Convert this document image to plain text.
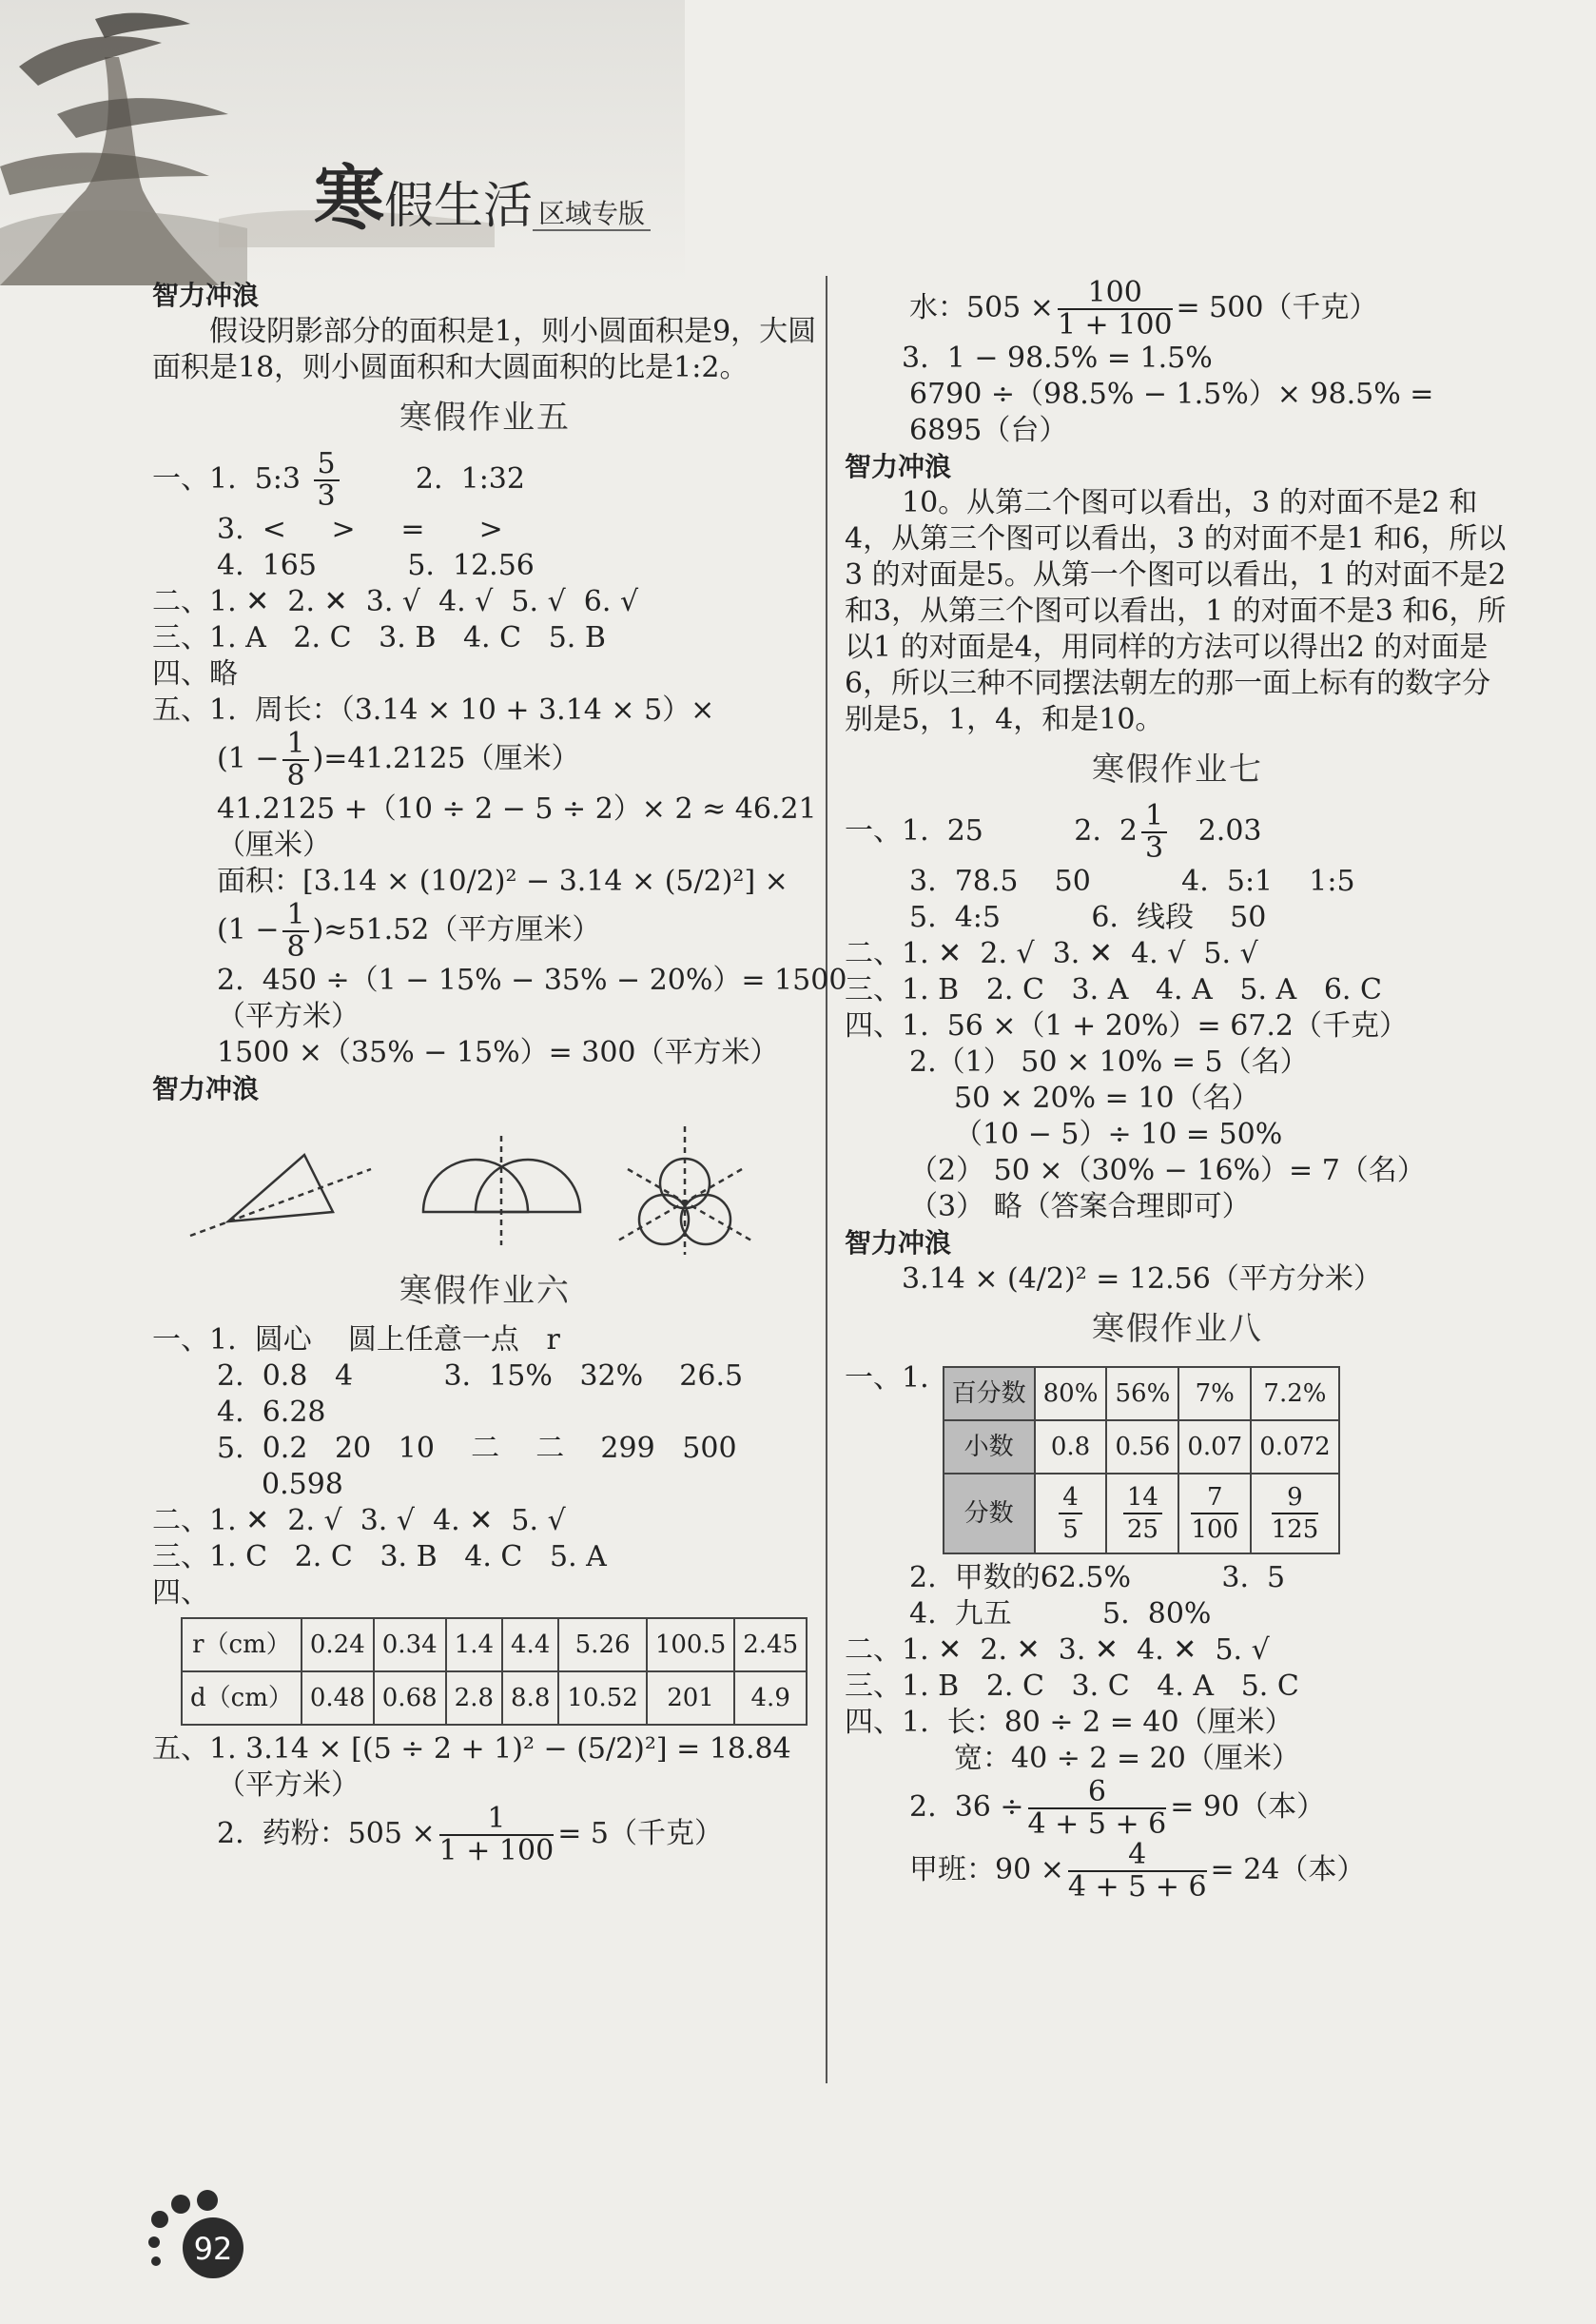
寒假生活 区域专版
智力冲浪
假设阴影部分的面积是1，则小圆面积是9，大圆面积是18，则小圆面积和大圆面积的比是1:2。
寒假作业五
一、1.  5:3 $\frac{5}{3} 2$.  1:32
3.  <     >     =      >
4.  165          5.  12.56
二、1. ✕  2. ✕  3. √  4. √  5. √  6. √
三、1. A   2. C   3. B   4. C   5. B
四、略
五、1.  周长：（3.14 × 10 + 3.14 × 5）×
$(1 - \frac{1}{8} )=41.2125$（厘米）
41.2125 +（10 ÷ 2 − 5 ÷ 2）× 2 ≈ 46.21
（厘米）
面积：[3.14 × (10/2)² − 3.14 × (5/2)²] ×
$(1 - \frac{1}{8} )\approx 51.52$（平方厘米）
2.  450 ÷（1 − 15% − 35% − 20%）= 1500
（平方米）
1500 ×（35% − 15%）= 300（平方米）
智力冲浪
寒假作业六
一、1.  圆心    圆上任意一点   r
2.  0.8   4          3.  15%   32%    26.5
4.  6.28
5.  0.2   20   10    二    二    299   500
0.598
二、1. ✕  2. √  3. √  4. ✕  5. √
三、1. C   2. C   3. B   4. C   5. A
四、
r（cm）	0.24	0.34	1.4	4.4	5.26	100.5	2.45
d（cm）	0.48	0.68	2.8	8.8	10.52	201	4.9
五、1. 3.14 × [(5 ÷ 2 + 1)² − (5/2)²] = 18.84
（平方米）
2.  药粉：$505 \times \frac{1}{1 + 100} = 5$（千克）
水：$505 \times \frac{100}{1 + 100} = 500$（千克）
3.  1 − 98.5% = 1.5%
6790 ÷（98.5% − 1.5%）× 98.5% =
6895（台）
智力冲浪
10。从第二个图可以看出，3 的对面不是2 和4，从第三个图可以看出，3 的对面不是1 和6，所以3 的对面是5。从第一个图可以看出，1 的对面不是2 和3，从第三个图可以看出，1 的对面不是3 和6，所以1 的对面是4，用同样的方法可以得出2 的对面是6，所以三种不同摆法朝左的那一面上标有的数字分别是5，1，4，和是10。
寒假作业七
一、1.  25          2.  $2 \frac{1}{3} 2.03$
3.  78.5    50          4.  5:1    1:5
5.  4:5          6.  线段    50
二、1. ✕  2. √  3. ✕  4. √  5. √
三、1. B   2. C   3. A   4. A   5. A   6. C
四、1.  56 ×（1 + 20%）= 67.2（千克）
2.（1） 50 × 10% = 5（名）
50 × 20% = 10（名）
（10 − 5）÷ 10 = 50%
（2） 50 ×（30% − 16%）= 7（名）
（3） 略（答案合理即可）
智力冲浪
3.14 × (4/2)² = 12.56（平方分米）
寒假作业八
一、1. 百分数	80%	56%	7%	7.2%
小数	0.8	0.56	0.07	0.072
分数	$\frac{4}{5}$	$\frac{14}{25}$	$\frac{7}{100}$	$\frac{9}{125}$
2.  甲数的62.5%          3.  5
4.  九五          5.  80%
二、1. ✕  2. ✕  3. ✕  4. ✕  5. √
三、1. B   2. C   3. C   4. A   5. C
四、1.  长：80 ÷ 2 = 40（厘米）
宽：40 ÷ 2 = 20（厘米）
2.  $36 \div \frac{6}{4 + 5 + 6} = 90$（本）
甲班：$90 \times \frac{4}{4 + 5 + 6} = 24$（本）
92
